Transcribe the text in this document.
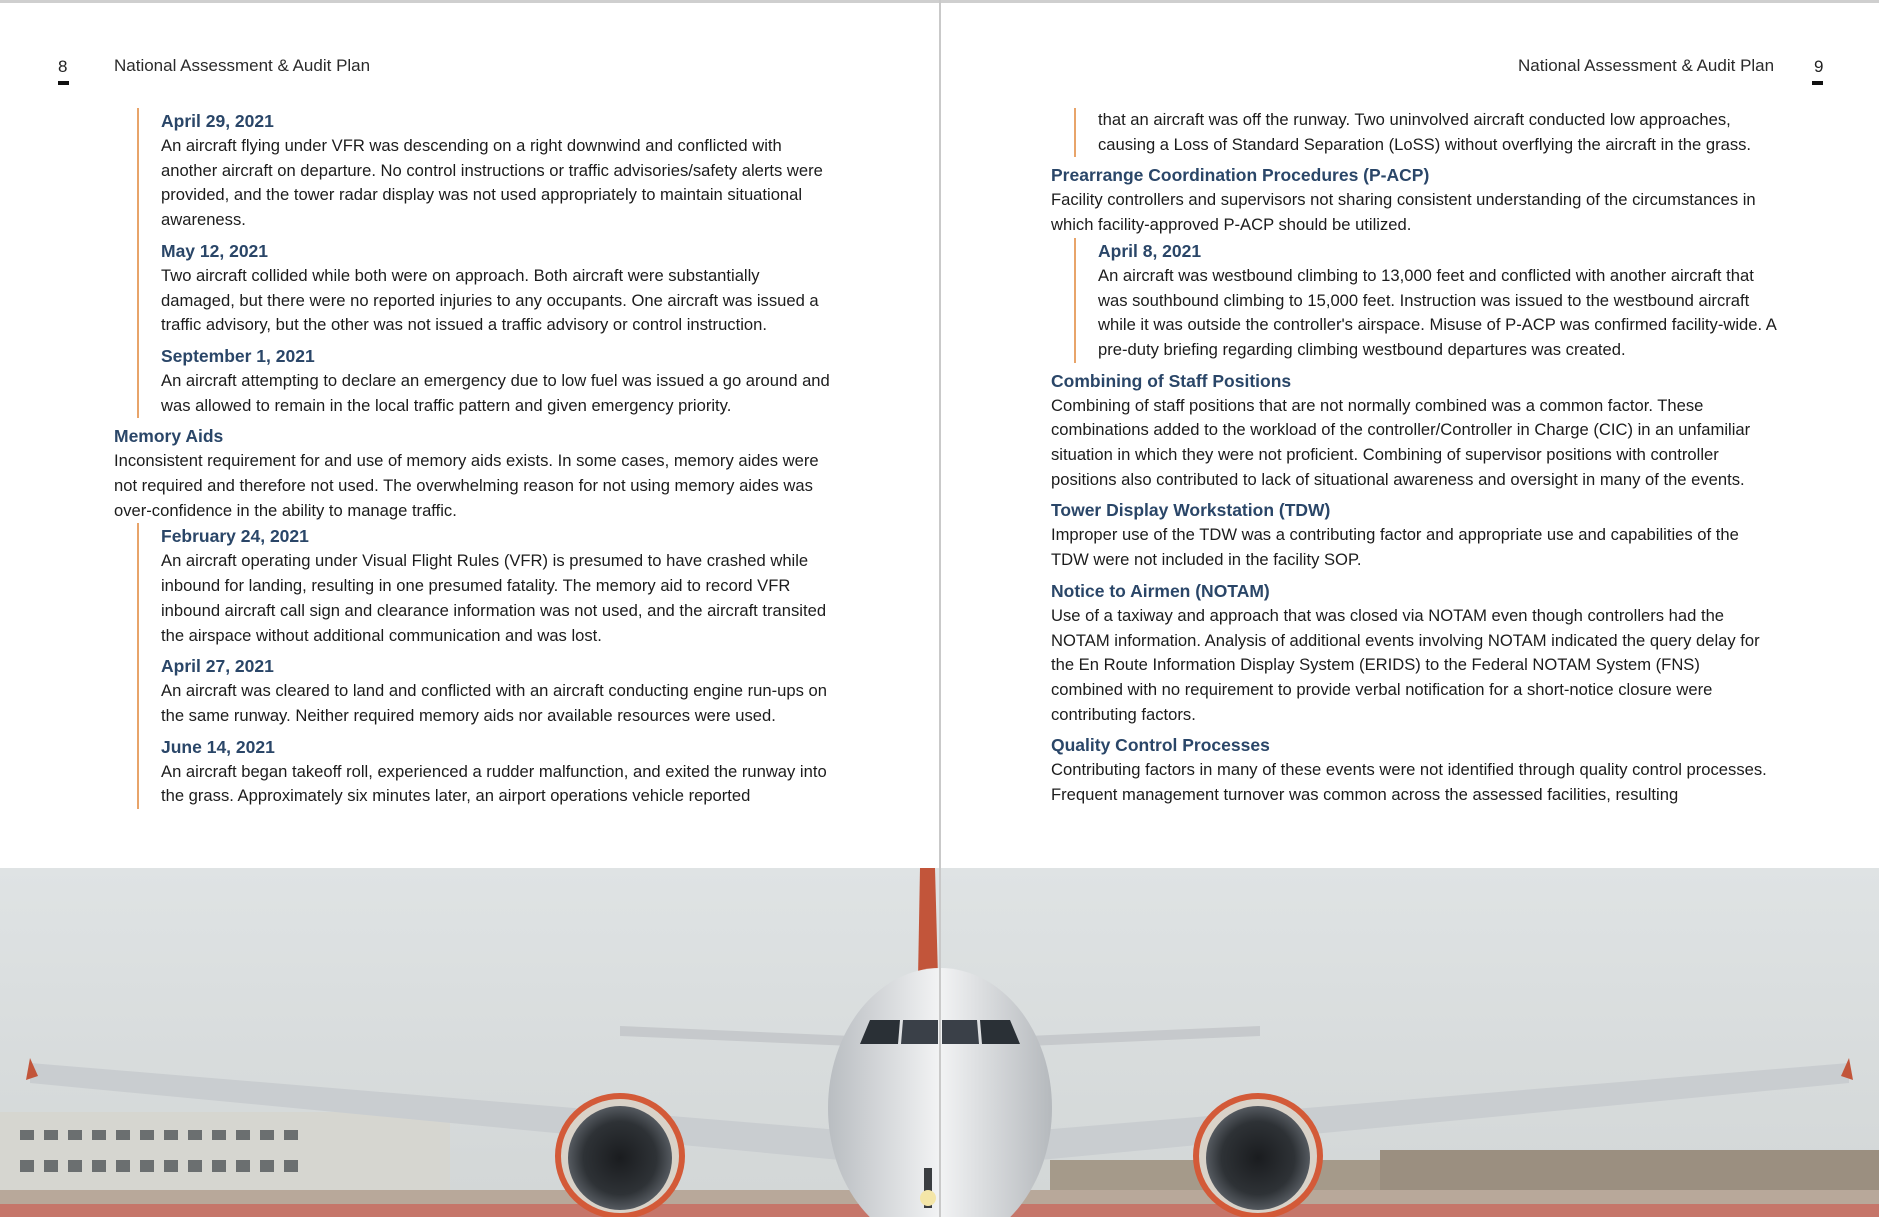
8	National Assessment & Audit Plan
April 29, 2021

An aircraft flying under VFR was descending on a right downwind and conflicted with another aircraft on departure. No control instructions or traffic advisories/safety alerts were provided, and the tower radar display was not used appropriately to maintain situational awareness.

May 12, 2021

Two aircraft collided while both were on approach. Both aircraft were substantially damaged, but there were no reported injuries to any occupants. One aircraft was issued a traffic advisory, but the other was not issued a traffic advisory or control instruction.

September 1, 2021

An aircraft attempting to declare an emergency due to low fuel was issued a go around and was allowed to remain in the local traffic pattern and given emergency priority.

Memory Aids

Inconsistent requirement for and use of memory aids exists. In some cases, memory aides were not required and therefore not used. The overwhelming reason for not using memory aides was over-confidence in the ability to manage traffic.

February 24, 2021

An aircraft operating under Visual Flight Rules (VFR) is presumed to have crashed while inbound for landing, resulting in one presumed fatality. The memory aid to record VFR inbound aircraft call sign and clearance information was not used, and the aircraft transited the airspace without additional communication and was lost.

April 27, 2021

An aircraft was cleared to land and conflicted with an aircraft conducting engine run-ups on the same runway. Neither required memory aids nor available resources were used.

June 14, 2021

An aircraft began takeoff roll, experienced a rudder malfunction, and exited the runway into the grass. Approximately six minutes later, an airport operations vehicle reported

National Assessment & Audit Plan 9

that an aircraft was off the runway. Two uninvolved aircraft conducted low approaches, causing a Loss of Standard Separation (LoSS) without overflying the aircraft in the grass.

Prearrange Coordination Procedures (P-ACP)

Facility controllers and supervisors not sharing consistent understanding of the circumstances in which facility-approved P-ACP should be utilized.

April 8, 2021

An aircraft was westbound climbing to 13,000 feet and conflicted with another aircraft that was southbound climbing to 15,000 feet. Instruction was issued to the westbound aircraft while it was outside the controller's airspace. Misuse of P-ACP was confirmed facility-wide. A pre-duty briefing regarding climbing westbound departures was created.

Combining of Staff Positions

Combining of staff positions that are not normally combined was a common factor. These combinations added to the workload of the controller/Controller in Charge (CIC) in an unfamiliar situation in which they were not proficient. Combining of supervisor positions with controller positions also contributed to lack of situational awareness and oversight in many of the events.

Tower Display Workstation (TDW)

Improper use of the TDW was a contributing factor and appropriate use and capabilities of the TDW were not included in the facility SOP.

Notice to Airmen (NOTAM)

Use of a taxiway and approach that was closed via NOTAM even though controllers had the NOTAM information. Analysis of additional events involving NOTAM indicated the query delay for the En Route Information Display System (ERIDS) to the Federal NOTAM System (FNS) combined with no requirement to provide verbal notification for a short-notice closure were contributing factors.

Quality Control Processes

Contributing factors in many of these events were not identified through quality control processes. Frequent management turnover was common across the assessed facilities, resulting
